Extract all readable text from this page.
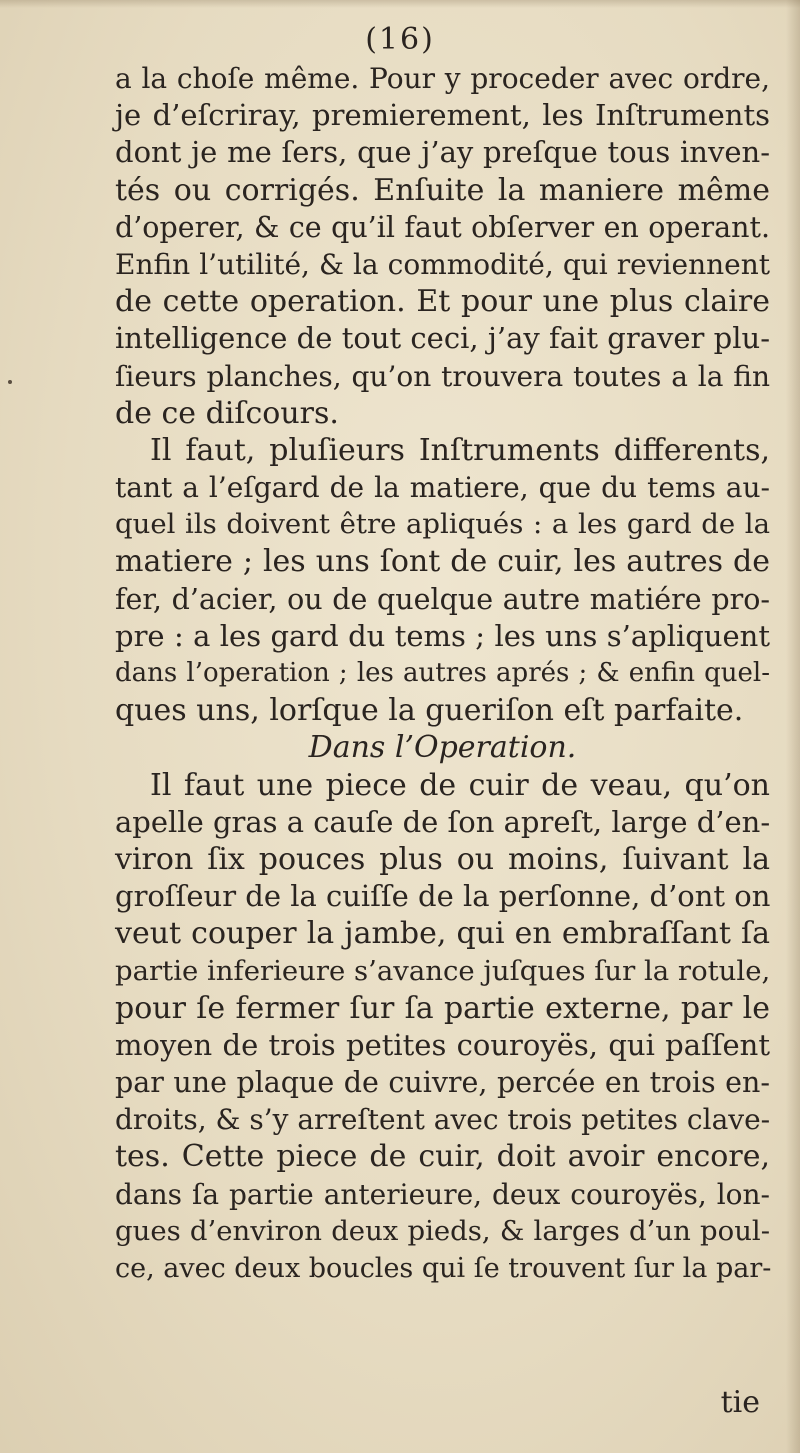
(16)
a la choſe même. Pour y proceder avec ordre,
je d’eſcriray, premierement, les Inſtruments
dont je me ſers, que j’ay preſque tous inven-
tés ou corrigés. Enſuite la maniere même
d’operer, & ce qu’il faut obſerver en operant.
Enfin l’utilité, & la commodité, qui reviennent
de cette operation. Et pour une plus claire
intelligence de tout ceci, j’ay fait graver plu-
ſieurs planches, qu’on trouvera toutes a la fin
de ce diſcours.
Il faut, pluſieurs Inſtruments differents,
tant a l’eſgard de la matiere, que du tems au-
quel ils doivent être apliqués : a les gard de la
matiere ; les uns ſont de cuir, les autres de
fer, d’acier, ou de quelque autre matiére pro-
pre : a les gard du tems ; les uns s’apliquent
dans l’operation ; les autres aprés ; & enfin quel-
ques uns, lorſque la gueriſon eſt parfaite.
Dans l’Operation.
Il faut une piece de cuir de veau, qu’on
apelle gras a cauſe de ſon apreſt, large d’en-
viron ſix pouces plus ou moins, ſuivant la
groſſeur de la cuiſſe de la perſonne, d’ont on
veut couper la jambe, qui en embraſſant ſa
partie inferieure s’avance juſques ſur la rotule,
pour ſe fermer ſur ſa partie externe, par le
moyen de trois petites couroyës, qui paſſent
par une plaque de cuivre, percée en trois en-
droits, & s’y arreſtent avec trois petites clave-
tes. Cette piece de cuir, doit avoir encore,
dans ſa partie anterieure, deux couroyës, lon-
gues d’environ deux pieds, & larges d’un poul-
ce, avec deux boucles qui ſe trouvent ſur la par-
tie
